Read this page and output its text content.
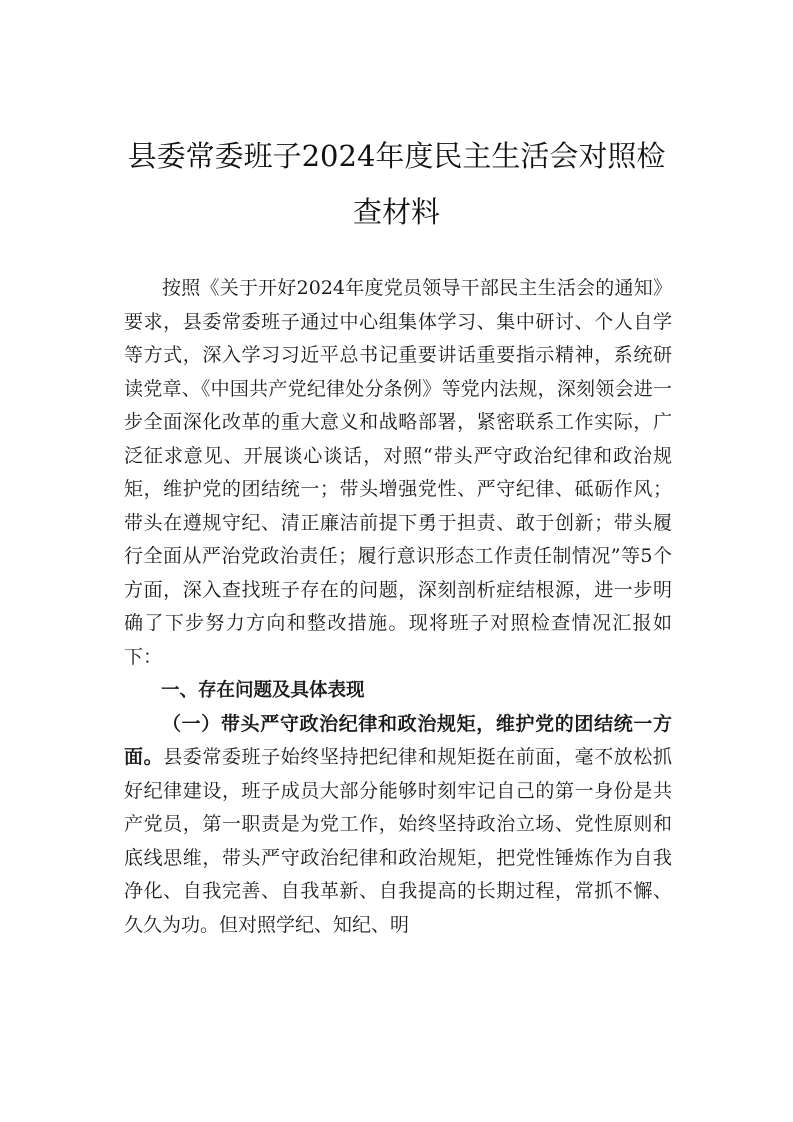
县委常委班子2024年度民主生活会对照检
查材料

按照《关于开好2024年度党员领导干部民主生活会的通知》要求，县委常委班子通过中心组集体学习、集中研讨、个人自学等方式，深入学习习近平总书记重要讲话重要指示精神，系统研读党章、《中国共产党纪律处分条例》等党内法规，深刻领会进一步全面深化改革的重大意义和战略部署，紧密联系工作实际，广泛征求意见、开展谈心谈话，对照“带头严守政治纪律和政治规矩，维护党的团结统一；带头增强党性、严守纪律、砥砺作风；带头在遵规守纪、清正廉洁前提下勇于担责、敢于创新；带头履行全面从严治党政治责任；履行意识形态工作责任制情况”等5个方面，深入查找班子存在的问题，深刻剖析症结根源，进一步明确了下步努力方向和整改措施。现将班子对照检查情况汇报如下：

一、存在问题及具体表现

（一）带头严守政治纪律和政治规矩，维护党的团结统一方面。县委常委班子始终坚持把纪律和规矩挺在前面，毫不放松抓好纪律建设，班子成员大部分能够时刻牢记自己的第一身份是共产党员，第一职责是为党工作，始终坚持政治立场、党性原则和底线思维，带头严守政治纪律和政治规矩，把党性锤炼作为自我净化、自我完善、自我革新、自我提高的长期过程，常抓不懈、久久为功。但对照学纪、知纪、明
